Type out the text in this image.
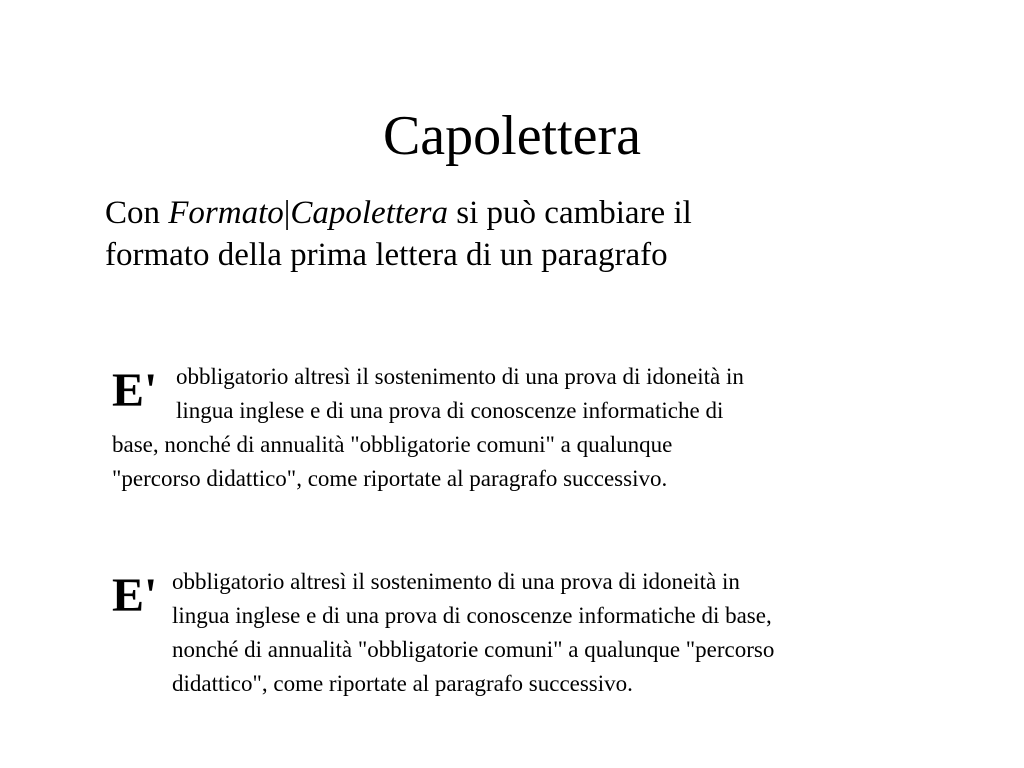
Capolettera
Con Formato|Capolettera si può cambiare il
formato della prima lettera di un paragrafo
E' obbligatorio altresì il sostenimento di una prova di idoneità in
lingua inglese e di una prova di conoscenze informatiche di
base, nonché di annualità "obbligatorie comuni" a qualunque
"percorso didattico", come riportate al paragrafo successivo.
E' obbligatorio altresì il sostenimento di una prova di idoneità in
lingua inglese e di una prova di conoscenze informatiche di base,
nonché di annualità "obbligatorie comuni" a qualunque "percorso
didattico", come riportate al paragrafo successivo.
